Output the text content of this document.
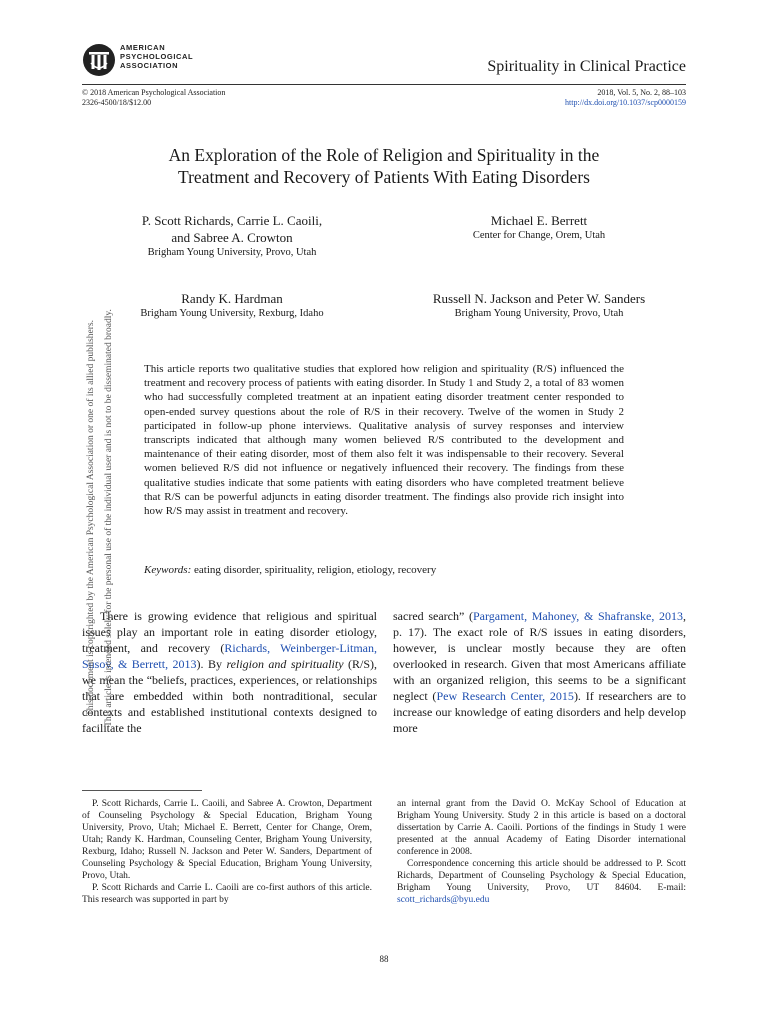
AMERICAN
PSYCHOLOGICAL
ASSOCIATION	Spirituality in Clinical Practice
© 2018 American Psychological Association
2326-4500/18/$12.00
2018, Vol. 5, No. 2, 88–103
http://dx.doi.org/10.1037/scp0000159
An Exploration of the Role of Religion and Spirituality in the
Treatment and Recovery of Patients With Eating Disorders
P. Scott Richards, Carrie L. Caoili,
and Sabree A. Crowton
Brigham Young University, Provo, Utah
Michael E. Berrett
Center for Change, Orem, Utah
Randy K. Hardman
Brigham Young University, Rexburg, Idaho
Russell N. Jackson and Peter W. Sanders
Brigham Young University, Provo, Utah
This article reports two qualitative studies that explored how religion and spirituality (R/S) influenced the treatment and recovery process of patients with eating disorder. In Study 1 and Study 2, a total of 83 women who had successfully completed treatment at an inpatient eating disorder treatment center responded to open-ended survey questions about the role of R/S in their recovery. Twelve of the women in Study 2 participated in follow-up phone interviews. Qualitative analysis of survey responses and interview transcripts indicated that although many women believed R/S contributed to the development and maintenance of their eating disorder, most of them also felt it was indispensable to their recovery. Several women believed R/S did not influence or negatively influenced their recovery. The findings from these qualitative studies indicate that some patients with eating disorders who have completed treatment believe that R/S can be powerful adjuncts in eating disorder treatment. The findings also provide rich insight into how R/S may assist in treatment and recovery.
Keywords: eating disorder, spirituality, religion, etiology, recovery

There is growing evidence that religious and spiritual issues play an important role in eating disorder etiology, treatment, and recovery (Richards, Weinberger-Litman, Susov, & Berrett, 2013). By religion and spirituality (R/S), we mean the “beliefs, practices, experiences, or relationships that are embedded within both nontraditional, secular contexts and established institutional contexts designed to facilitate the

sacred search” (Pargament, Mahoney, & Shafranske, 2013, p. 17). The exact role of R/S issues in eating disorders, however, is unclear mostly because they are often overlooked in research. Given that most Americans affiliate with an organized religion, this seems to be a significant neglect (Pew Research Center, 2015). If researchers are to increase our knowledge of eating disorders and help develop more

P. Scott Richards, Carrie L. Caoili, and Sabree A. Crowton, Department of Counseling Psychology & Special Education, Brigham Young University, Provo, Utah; Michael E. Berrett, Center for Change, Orem, Utah; Randy K. Hardman, Counseling Center, Brigham Young University, Rexburg, Idaho; Russell N. Jackson and Peter W. Sanders, Department of Counseling Psychology & Special Education, Brigham Young University, Provo, Utah.

P. Scott Richards and Carrie L. Caoili are co-first authors of this article. This research was supported in part by

an internal grant from the David O. McKay School of Education at Brigham Young University. Study 2 in this article is based on a doctoral dissertation by Carrie A. Caoili. Portions of the findings in Study 1 were presented at the annual Academy of Eating Disorder international conference in 2008.

Correspondence concerning this article should be addressed to P. Scott Richards, Department of Counseling Psychology & Special Education, Brigham Young University, Provo, UT 84604. E-mail: scott_richards@byu.edu

88
This document is copyrighted by the American Psychological Association or one of its allied publishers. This article is intended solely for the personal use of the individual user and is not to be disseminated broadly.
